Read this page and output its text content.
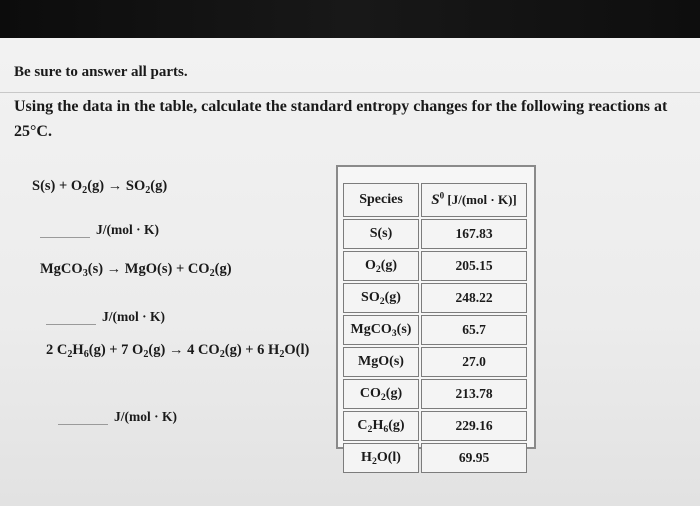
Be sure to answer all parts.
Using the data in the table, calculate the standard entropy changes for the following reactions at 25°C.
$S(s) + O_2(g) \to SO_2(g)$
J/(mol · K)
MgCO$_3$(s) → $MgO(s) + CO_2(g)$
J/(mol · K)
2 $C_2H_6(g) + 7$ $O_2(g) \to 4$ $CO_2(g) + 6$ $H_2O(l)$
J/(mol · K)
Species	$S^0$ [J/(mol · K)]
S(s)	167.83
$O_2(g)$	205.15
$SO_2(g)$	248.22
MgCO$_3$(s)	65.7
MgO(s)	27.0
$CO_2(g)$	213.78
$C_2H_6(g)$	229.16
$H_2O(l)$	69.95
